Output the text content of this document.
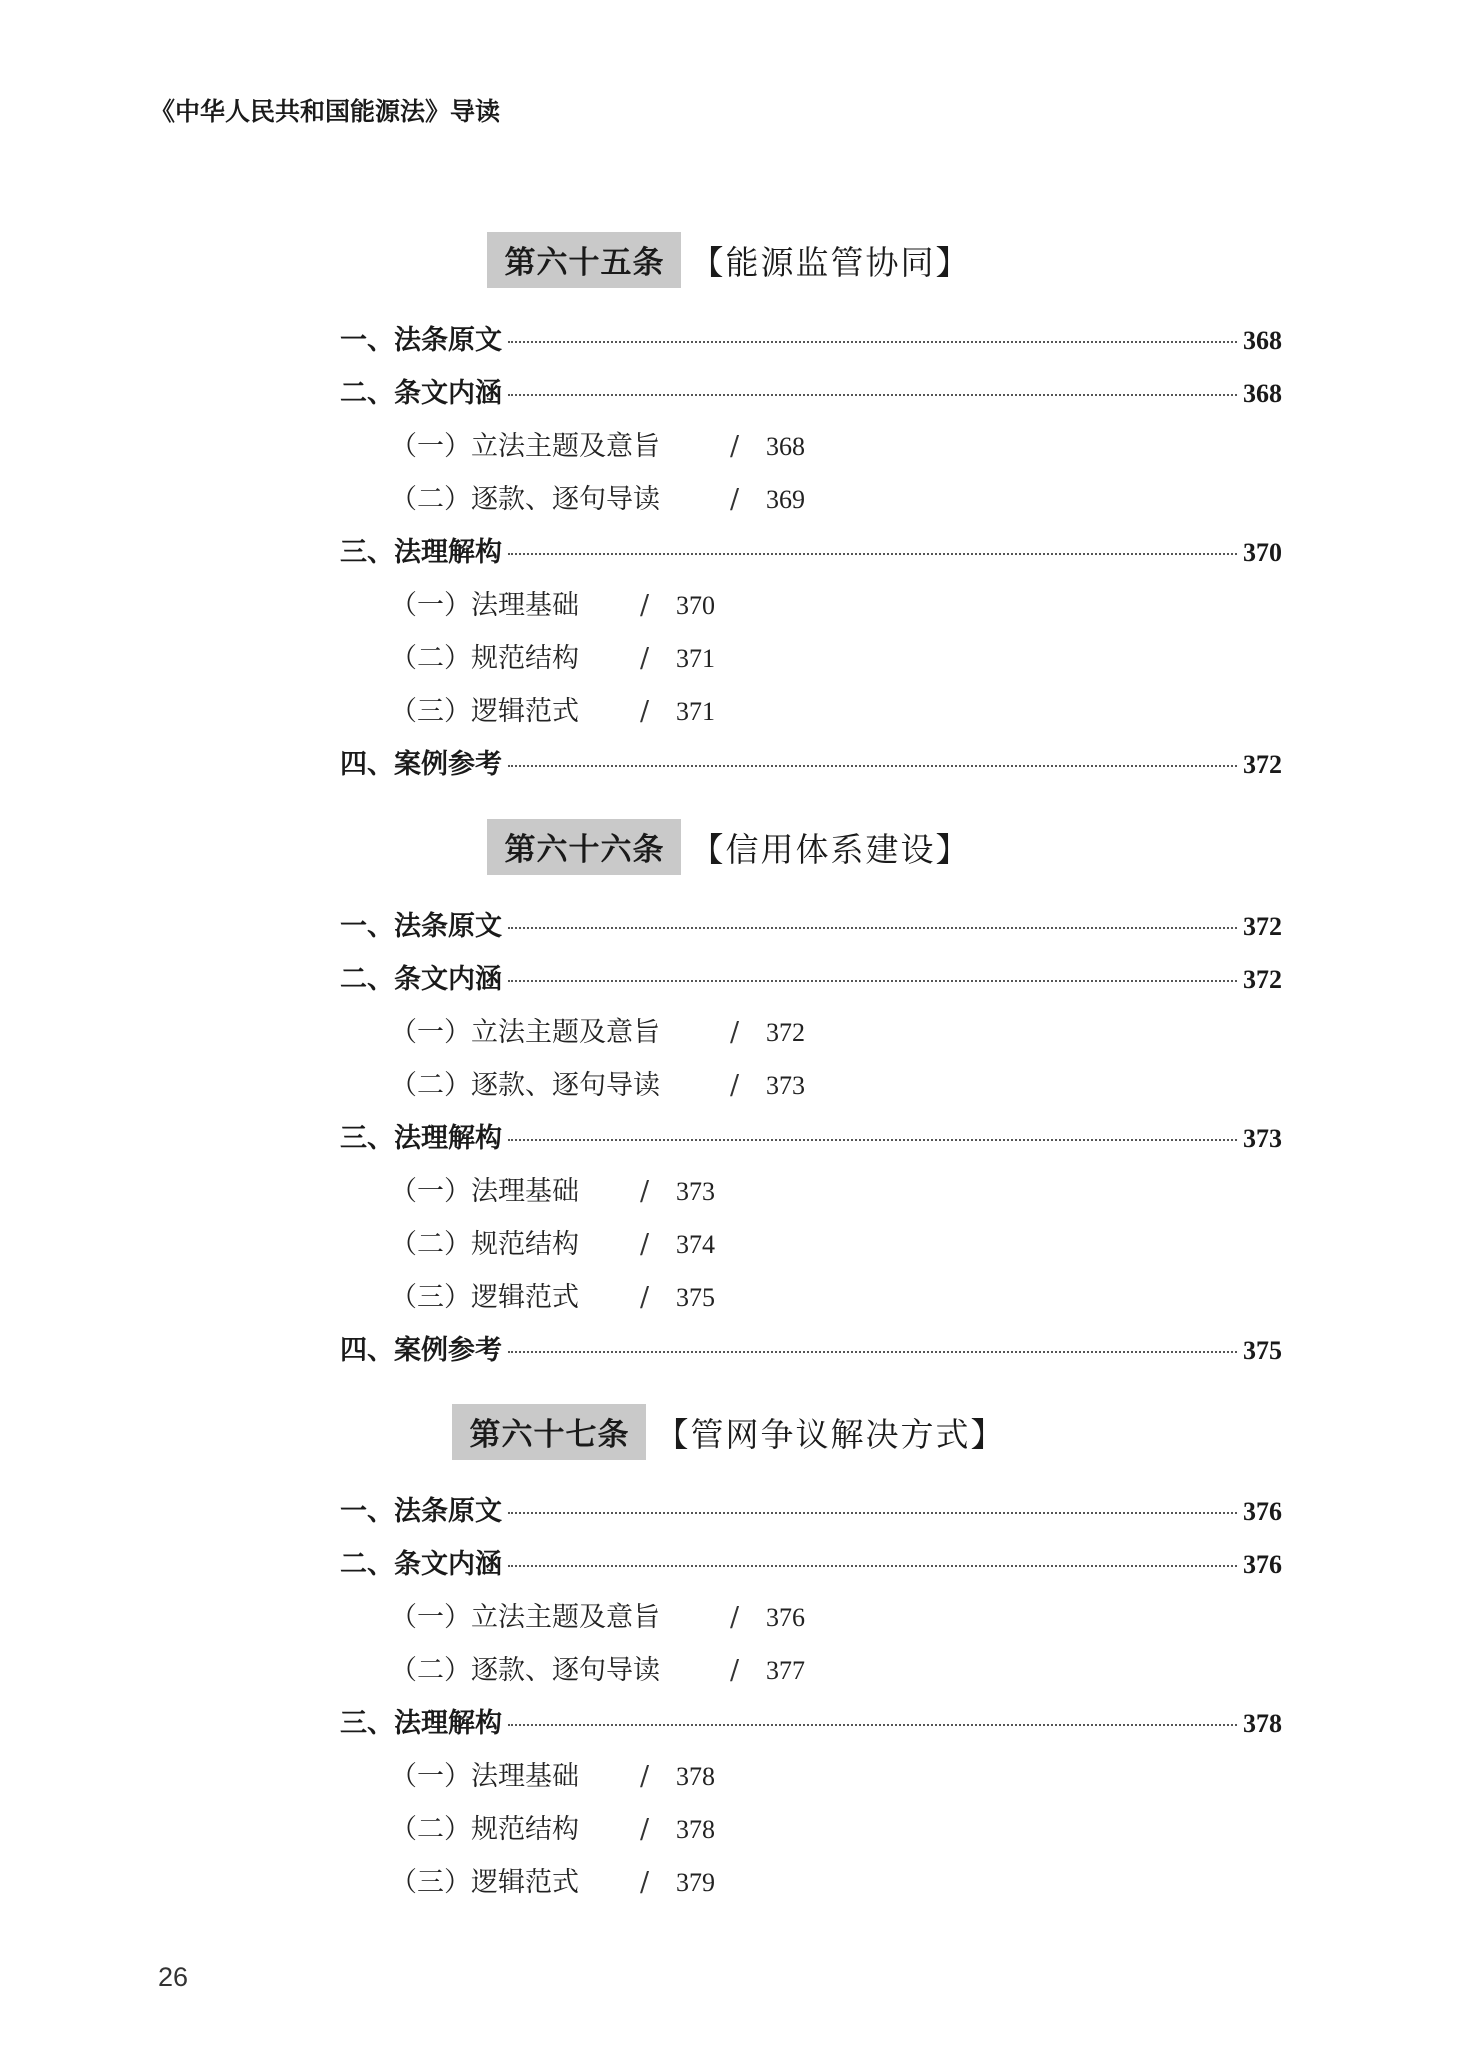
《中华人民共和国能源法》导读
第六十五条 【能源监管协同】
一、法条原文	368
二、条文内涵	368
（一）立法主题及意旨	/	368
（二）逐款、逐句导读	/	369
三、法理解构	370
（一）法理基础	/	370
（二）规范结构	/	371
（三）逻辑范式	/	371
四、案例参考	372
第六十六条 【信用体系建设】
一、法条原文	372
二、条文内涵	372
（一）立法主题及意旨	/	372
（二）逐款、逐句导读	/	373
三、法理解构	373
（一）法理基础	/	373
（二）规范结构	/	374
（三）逻辑范式	/	375
四、案例参考	375
第六十七条 【管网争议解决方式】
一、法条原文	376
二、条文内涵	376
（一）立法主题及意旨	/	376
（二）逐款、逐句导读	/	377
三、法理解构	378
（一）法理基础	/	378
（二）规范结构	/	378
（三）逻辑范式	/	379
26
